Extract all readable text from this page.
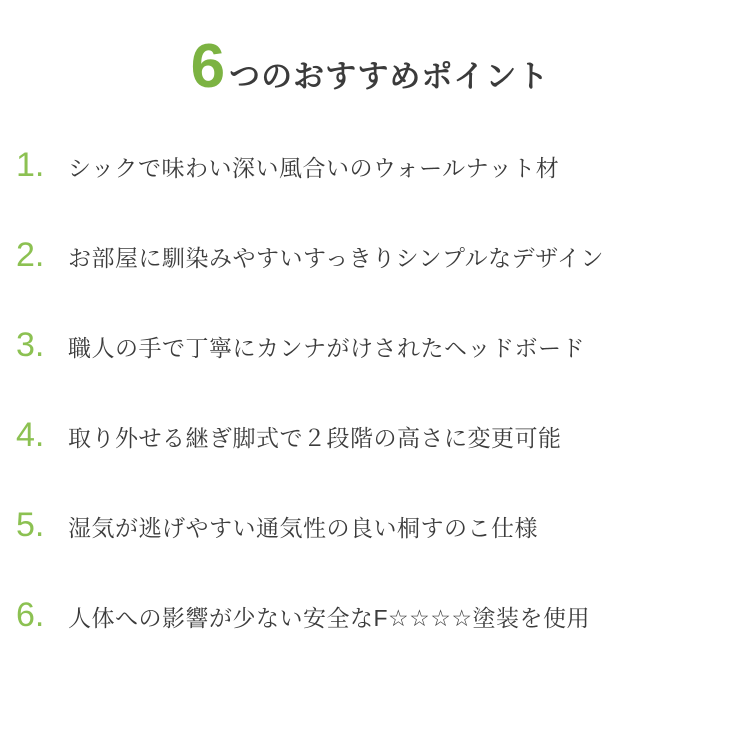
6 つのおすすめポイント
1.	シックで味わい深い風合いのウォールナット材
2.	お部屋に馴染みやすいすっきりシンプルなデザイン
3.	職人の手で丁寧にカンナがけされたヘッドボード
4.	取り外せる継ぎ脚式で２段階の高さに変更可能
5.	湿気が逃げやすい通気性の良い桐すのこ仕様
6.	人体への影響が少ない安全なF☆☆☆☆塗装を使用
